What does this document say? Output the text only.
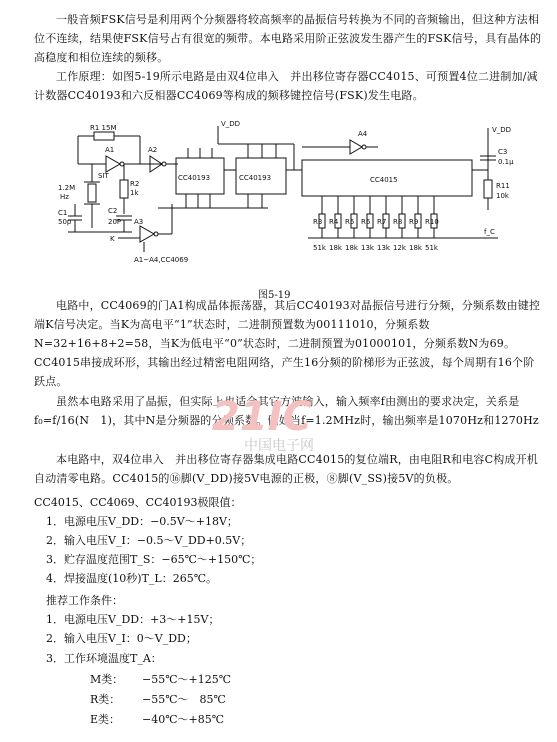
一般音频FSK信号是利用两个分频器将较高频率的晶振信号转换为不同的音频输出，但这种方法相位不连续，结果使FSK信号占有很宽的频带。本电路采用阶正弦波发生器产生的FSK信号，具有晶体的高稳度和相位连续的频移。
工作原理：如图5-19所示电路是由双4位串入　并出移位寄存器CC4015、可预置4位二进制加/减计数器CC40193和六反相器CC4069等构成的频移键控信号(FSK)发生电路。
R1 15M
A1	A2
A4
A3
CC40193	CC40193	CC4015
V_DD
V_DD
1.2M
Hz
SIT
R2
1k
C1
50p
C2
20P
K
C3
0.1μ
R11
10k
f_C
A1~A4,CC4069
R3
51k
R4
18k
R5
18k
R6
13k
R7
13k
R8
12k
R9
18k
R10
51k
图5-19
电路中，CC4069的门A1构成晶体振荡器，其后CC40193对晶振信号进行分频，分频系数由键控端K信号决定。当K为高电平“1”状态时，二进制预置数为00111010，分频系数N=32+16+8+2=58，当K为低电平“0”状态时，二进制预置为01000101，分频系数N为69。CC4015串接成环形，其输出经过精密电阻网络，产生16分频的阶梯形为正弦波，每个周期有16个阶跃点。
虽然本电路采用了晶振，但实际上也适合其它方波输入，输入频率f由测出的要求决定，关系是f₀=f/16(N　1)，其中N是分频器的分频系数。例如当f=1.2MHz时，输出频率是1070Hz和1270Hz
本电路中，双4位串入　并出移位寄存器集成电路CC4015的复位端R，由电阻R和电容C构成开机自动清零电路。CC4015的⑯脚(V_DD)接5V电源的正极，⑧脚(V_SS)接5V的负极。
CC4015、CC4069、CC40193极限值：
1．电源电压V_DD：−0.5V～+18V；
2．输入电压V_I：−0.5～V_DD+0.5V；
3．贮存温度范围T_S：−65℃～+150℃；
4．焊接温度(10秒)T_L：265℃。
推荐工作条件：
1．电源电压V_DD：+3～+15V；
2．输入电压V_I：0～V_DD；
3．工作环境温度T_A：
M类： −55℃～+125℃
R类： −55℃～　85℃
E类： −40℃～+85℃
21IC
中国电子网
